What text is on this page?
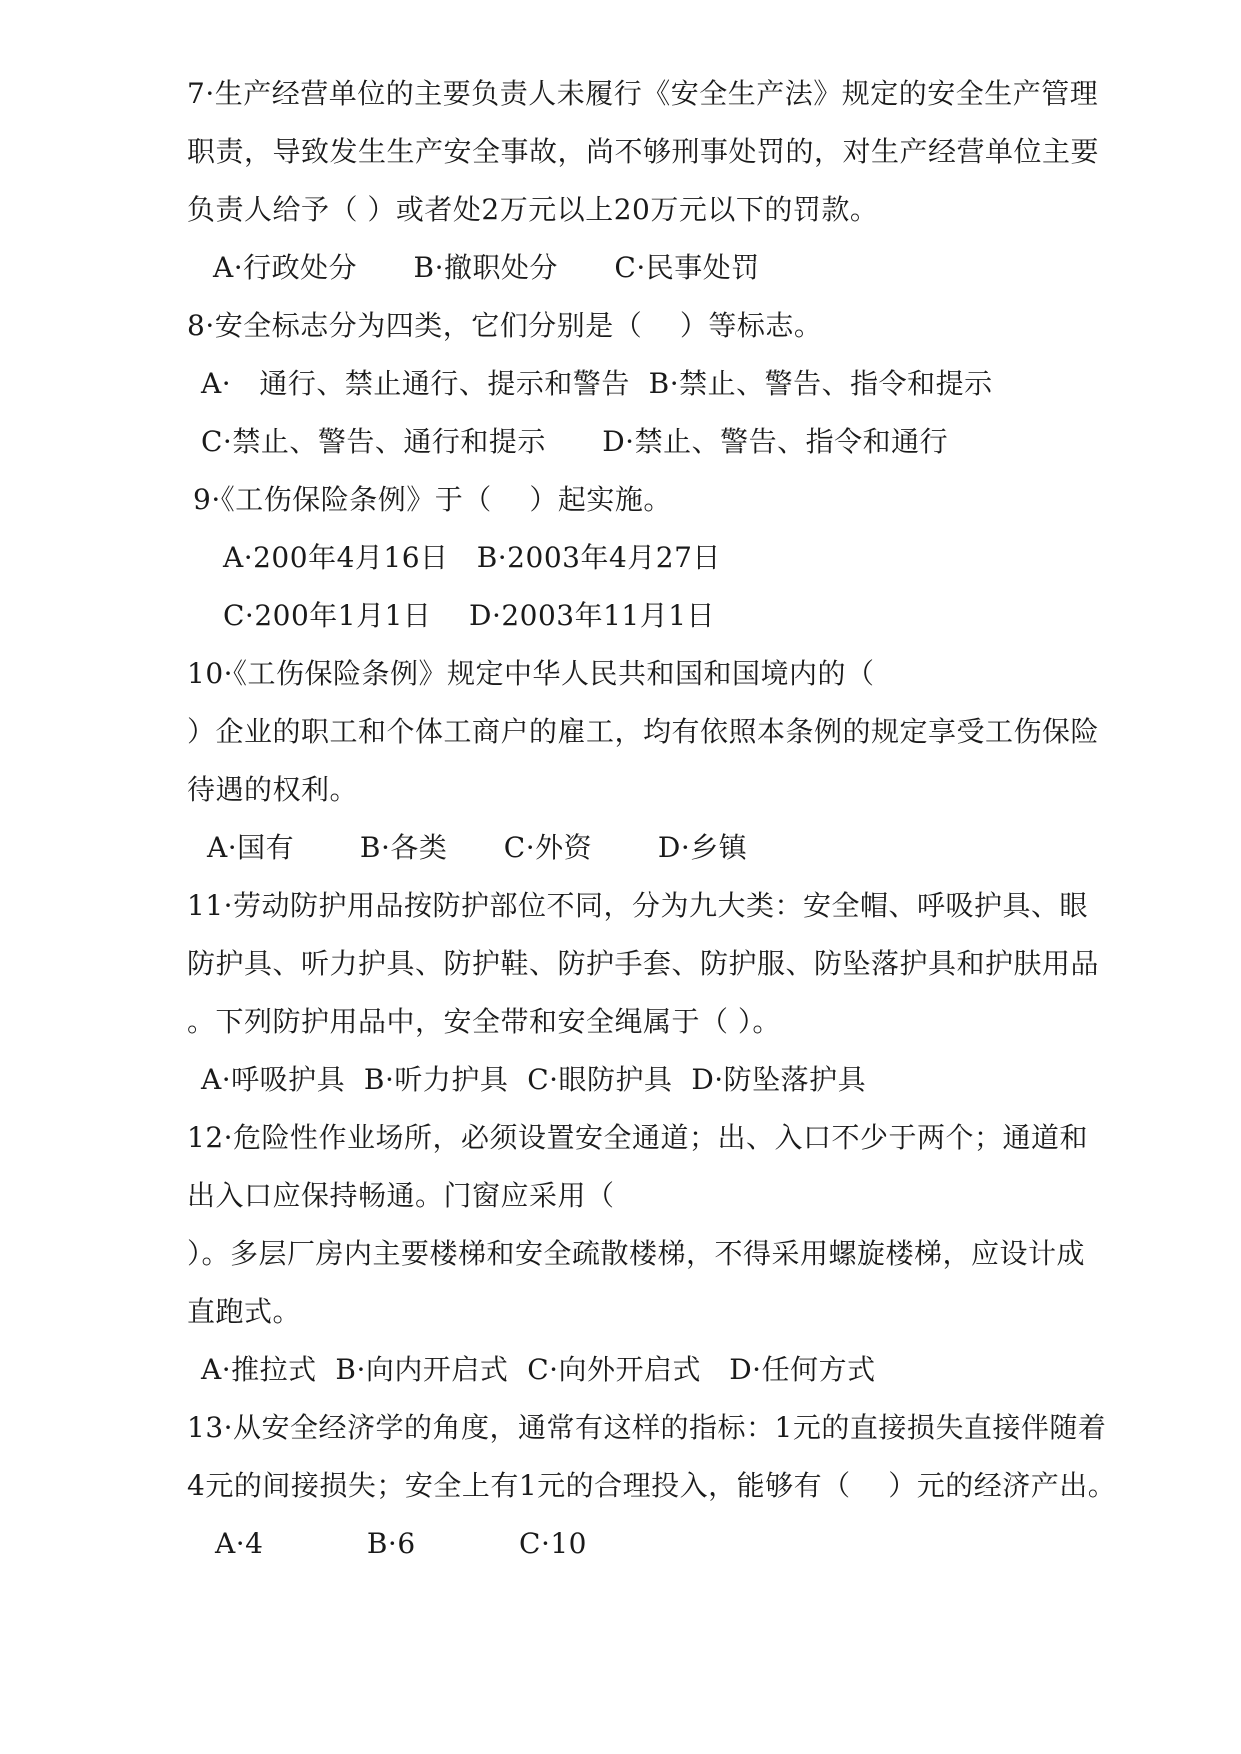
7·生产经营单位的主要负责人未履行《安全生产法》规定的安全生产管理
职责，导致发生生产安全事故，尚不够刑事处罚的，对生产经营单位主要
负责人给予（ ）或者处2万元以上20万元以下的罚款。
A·行政处分      B·撤职处分      C·民事处罚
8·安全标志分为四类，它们分别是（    ）等标志。
A·   通行、禁止通行、提示和警告  B·禁止、警告、指令和提示
C·禁止、警告、通行和提示      D·禁止、警告、指令和通行
9·《工伤保险条例》于（    ）起实施。
A·200年4月16日   B·2003年4月27日
C·200年1月1日    D·2003年11月1日
10·《工伤保险条例》规定中华人民共和国和国境内的（
）企业的职工和个体工商户的雇工，均有依照本条例的规定享受工伤保险
待遇的权利。
A·国有       B·各类      C·外资       D·乡镇
11·劳动防护用品按防护部位不同，分为九大类：安全帽、呼吸护具、眼
防护具、听力护具、防护鞋、防护手套、防护服、防坠落护具和护肤用品
。下列防护用品中，安全带和安全绳属于（ ）。
A·呼吸护具  B·听力护具  C·眼防护具  D·防坠落护具
12·危险性作业场所，必须设置安全通道；出、入口不少于两个；通道和
出入口应保持畅通。门窗应采用（
）。多层厂房内主要楼梯和安全疏散楼梯，不得采用螺旋楼梯，应设计成
直跑式。
A·推拉式  B·向内开启式  C·向外开启式   D·任何方式
13·从安全经济学的角度，通常有这样的指标：1元的直接损失直接伴随着
4元的间接损失；安全上有1元的合理投入，能够有（    ）元的经济产出。
A·4           B·6           C·10
